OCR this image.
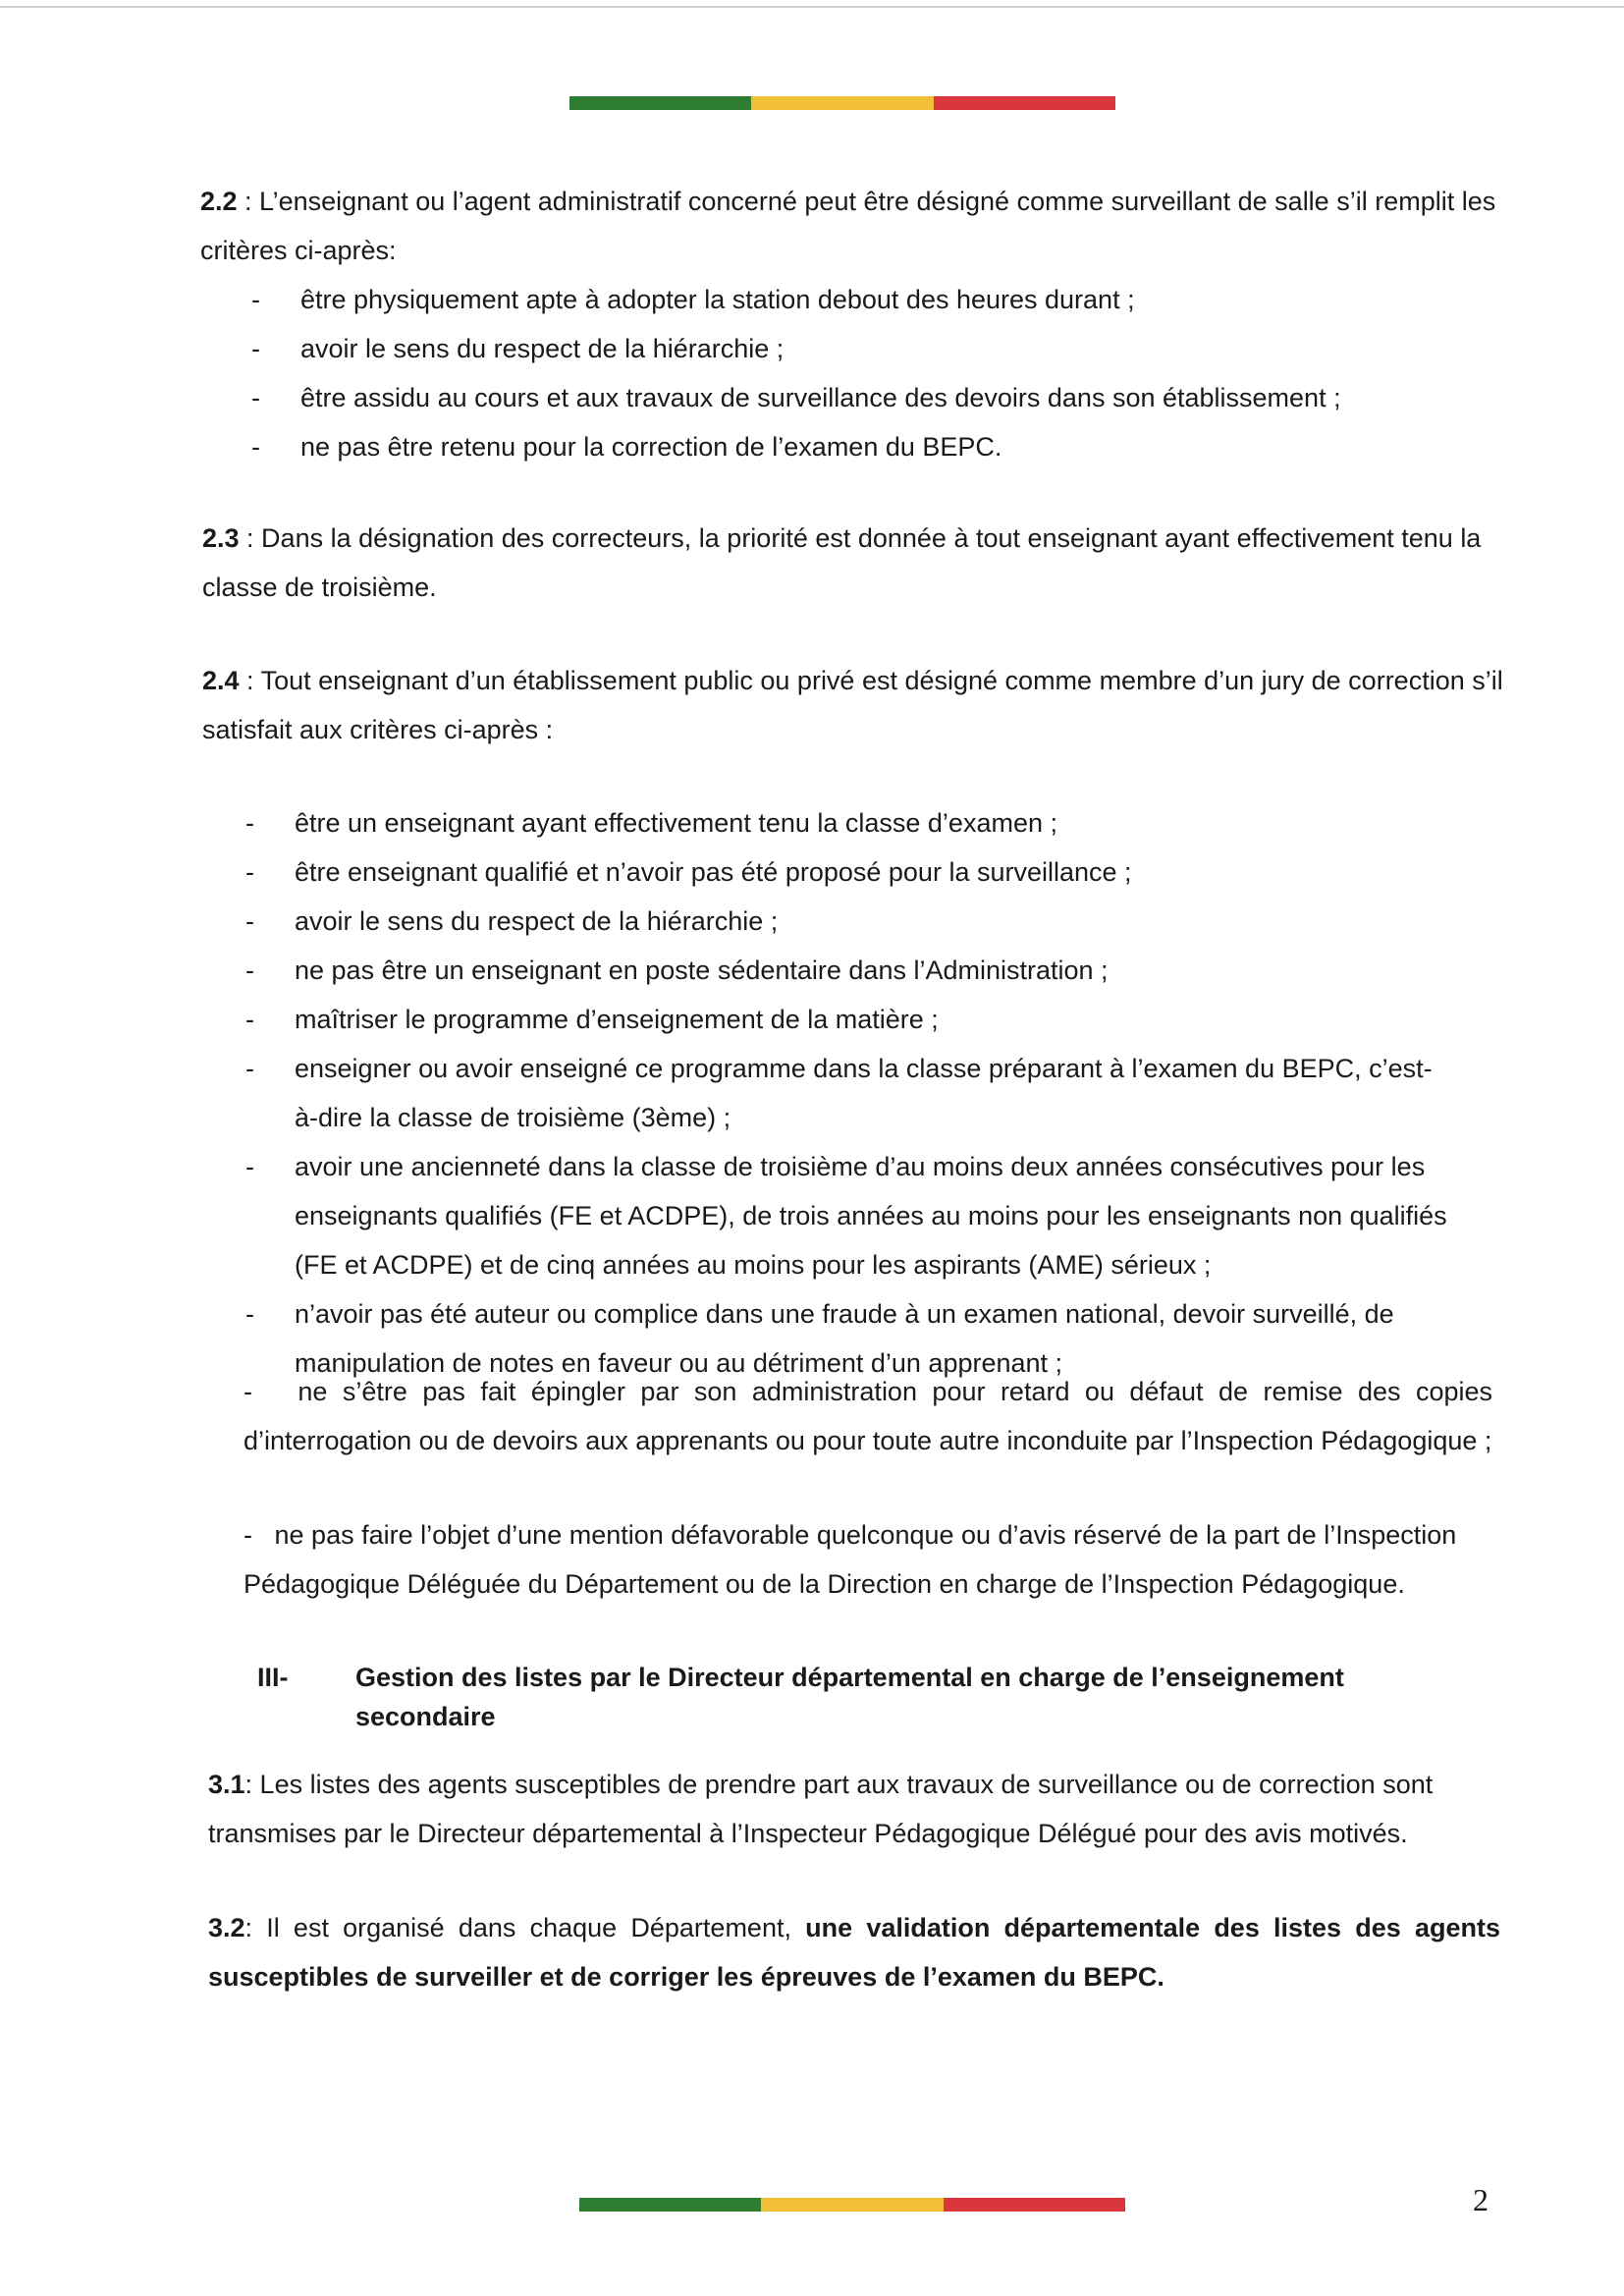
2.2 : L’enseignant ou l’agent administratif concerné peut être désigné comme surveillant de salle s’il remplit les critères ci-après:

- être physiquement apte à adopter la station debout des heures durant ;
- avoir le sens du respect de la hiérarchie ;
- être assidu au cours et aux travaux de surveillance des devoirs dans son établissement ;
- ne pas être retenu pour la correction de l’examen du BEPC.

2.3 : Dans la désignation des correcteurs, la priorité est donnée à tout enseignant ayant effectivement tenu la classe de troisième.

2.4 : Tout enseignant d’un établissement public ou privé est désigné comme membre d’un jury de correction s’il satisfait aux critères ci-après :

- être un enseignant ayant effectivement tenu la classe d’examen ;
- être enseignant qualifié et n’avoir pas été proposé pour la surveillance ;
- avoir le sens du respect de la hiérarchie ;
- ne pas être un enseignant en poste sédentaire dans l’Administration ;
- maîtriser le programme d’enseignement de la matière ;
- enseigner ou avoir enseigné ce programme dans la classe préparant à l’examen du BEPC, c’est-à-dire la classe de troisième (3ème) ;
- avoir une ancienneté dans la classe de troisième d’au moins deux années consécutives pour les enseignants qualifiés (FE et ACDPE), de trois années au moins pour les enseignants non qualifiés (FE et ACDPE) et de cinq années au moins pour les aspirants (AME) sérieux ;
- n’avoir pas été auteur ou complice dans une fraude à un examen national, devoir surveillé, de manipulation de notes en faveur ou au détriment d’un apprenant ;

- ne s’être pas fait épingler par son administration pour retard ou défaut de remise des copies d’interrogation ou de devoirs aux apprenants ou pour toute autre inconduite par l’Inspection Pédagogique ;

- ne pas faire l’objet d’une mention défavorable quelconque ou d’avis réservé de la part de l’Inspection Pédagogique Déléguée du Département ou de la Direction en charge de l’Inspection Pédagogique.

III-	Gestion des listes par le Directeur départemental en charge de l’enseignement secondaire

3.1: Les listes des agents susceptibles de prendre part aux travaux de surveillance ou de correction sont transmises par le Directeur départemental à l’Inspecteur Pédagogique Délégué pour des avis motivés.

3.2: Il est organisé dans chaque Département, une validation départementale des listes des agents susceptibles de surveiller et de corriger les épreuves de l’examen du BEPC.

2
